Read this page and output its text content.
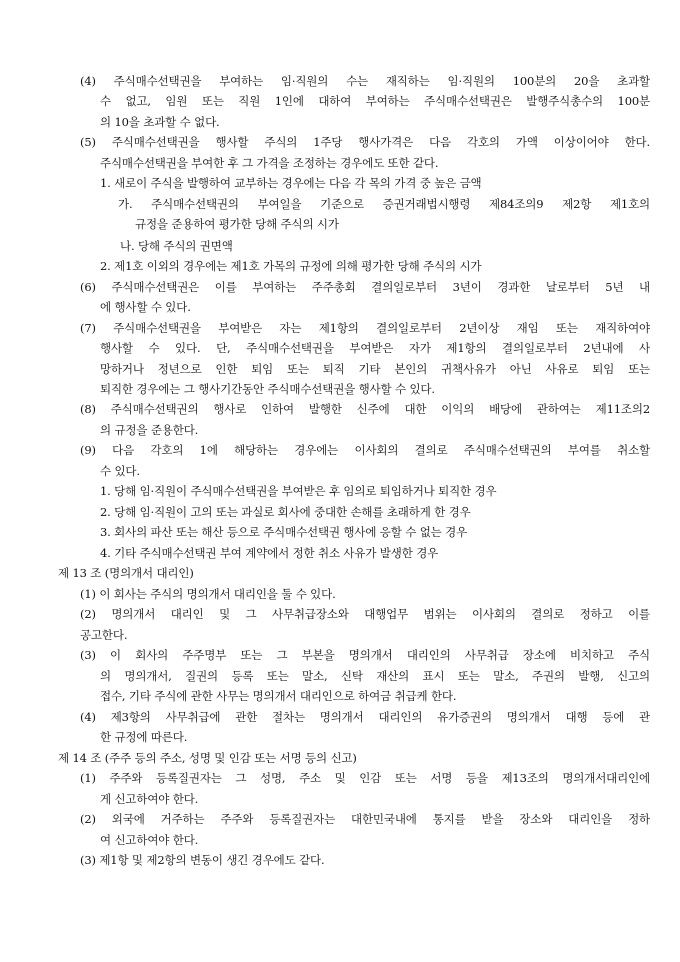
(4) 주식매수선택권을 부여하는 임·직원의 수는 재직하는 임·직원의 100분의 20을 초과할
수 없고, 임원 또는 직원 1인에 대하여 부여하는 주식매수선택권은 발행주식총수의 100분
의 10을 초과할 수 없다.
(5) 주식매수선택권을 행사할 주식의 1주당 행사가격은 다음 각호의 가액 이상이어야 한다.
주식매수선택권을 부여한 후 그 가격을 조정하는 경우에도 또한 같다.
1. 새로이 주식을 발행하여 교부하는 경우에는 다음 각 목의 가격 중 높은 금액
가. 주식매수선택권의 부여일을 기준으로 증권거래법시행령 제84조의9 제2항 제1호의
규정을 준용하여 평가한 당해 주식의 시가
나. 당해 주식의 권면액
2. 제1호 이외의 경우에는 제1호 가목의 규정에 의해 평가한 당해 주식의 시가
(6) 주식매수선택권은 이를 부여하는 주주총회 결의일로부터 3년이 경과한 날로부터 5년 내
에 행사할 수 있다.
(7) 주식매수선택권을 부여받은 자는 제1항의 결의일로부터 2년이상 재임 또는 재직하여야
행사할 수 있다. 단, 주식매수선택권을 부여받은 자가 제1항의 결의일로부터 2년내에 사
망하거나 정년으로 인한 퇴임 또는 퇴직 기타 본인의 귀책사유가 아닌 사유로 퇴임 또는
퇴직한 경우에는 그 행사기간동안 주식매수선택권을 행사할 수 있다.
(8) 주식매수선택권의 행사로 인하여 발행한 신주에 대한 이익의 배당에 관하여는 제11조의2
의 규정을 준용한다.
(9) 다음 각호의 1에 해당하는 경우에는 이사회의 결의로 주식매수선택권의 부여를 취소할
수 있다.
1. 당해 임·직원이 주식매수선택권을 부여받은 후 임의로 퇴임하거나 퇴직한 경우
2. 당해 임·직원이 고의 또는 과실로 회사에 중대한 손해를 초래하게 한 경우
3. 회사의 파산 또는 해산 등으로 주식매수선택권 행사에 응할 수 없는 경우
4. 기타 주식매수선택권 부여 계약에서 정한 취소 사유가 발생한 경우
제 13 조 (명의개서 대리인)
(1) 이 회사는 주식의 명의개서 대리인을 둘 수 있다.
(2) 명의개서 대리인 및 그 사무취급장소와 대행업무 범위는 이사회의 결의로 정하고 이를
공고한다.
(3) 이 회사의 주주명부 또는 그 부본을 명의개서 대리인의 사무취급 장소에 비치하고 주식
의 명의개서, 질권의 등록 또는 말소, 신탁 재산의 표시 또는 말소, 주권의 발행, 신고의
접수, 기타 주식에 관한 사무는 명의개서 대리인으로 하여금 취급케 한다.
(4) 제3항의 사무취급에 관한 절차는 명의개서 대리인의 유가증권의 명의개서 대행 등에 관
한 규정에 따른다.
제 14 조 (주주 등의 주소, 성명 및 인감 또는 서명 등의 신고)
(1) 주주와 등록질권자는 그 성명, 주소 및 인감 또는 서명 등을 제13조의 명의개서대리인에
게 신고하여야 한다.
(2) 외국에 거주하는 주주와 등록질권자는 대한민국내에 통지를 받을 장소와 대리인을 정하
여 신고하여야 한다.
(3) 제1항 및 제2항의 변동이 생긴 경우에도 같다.
